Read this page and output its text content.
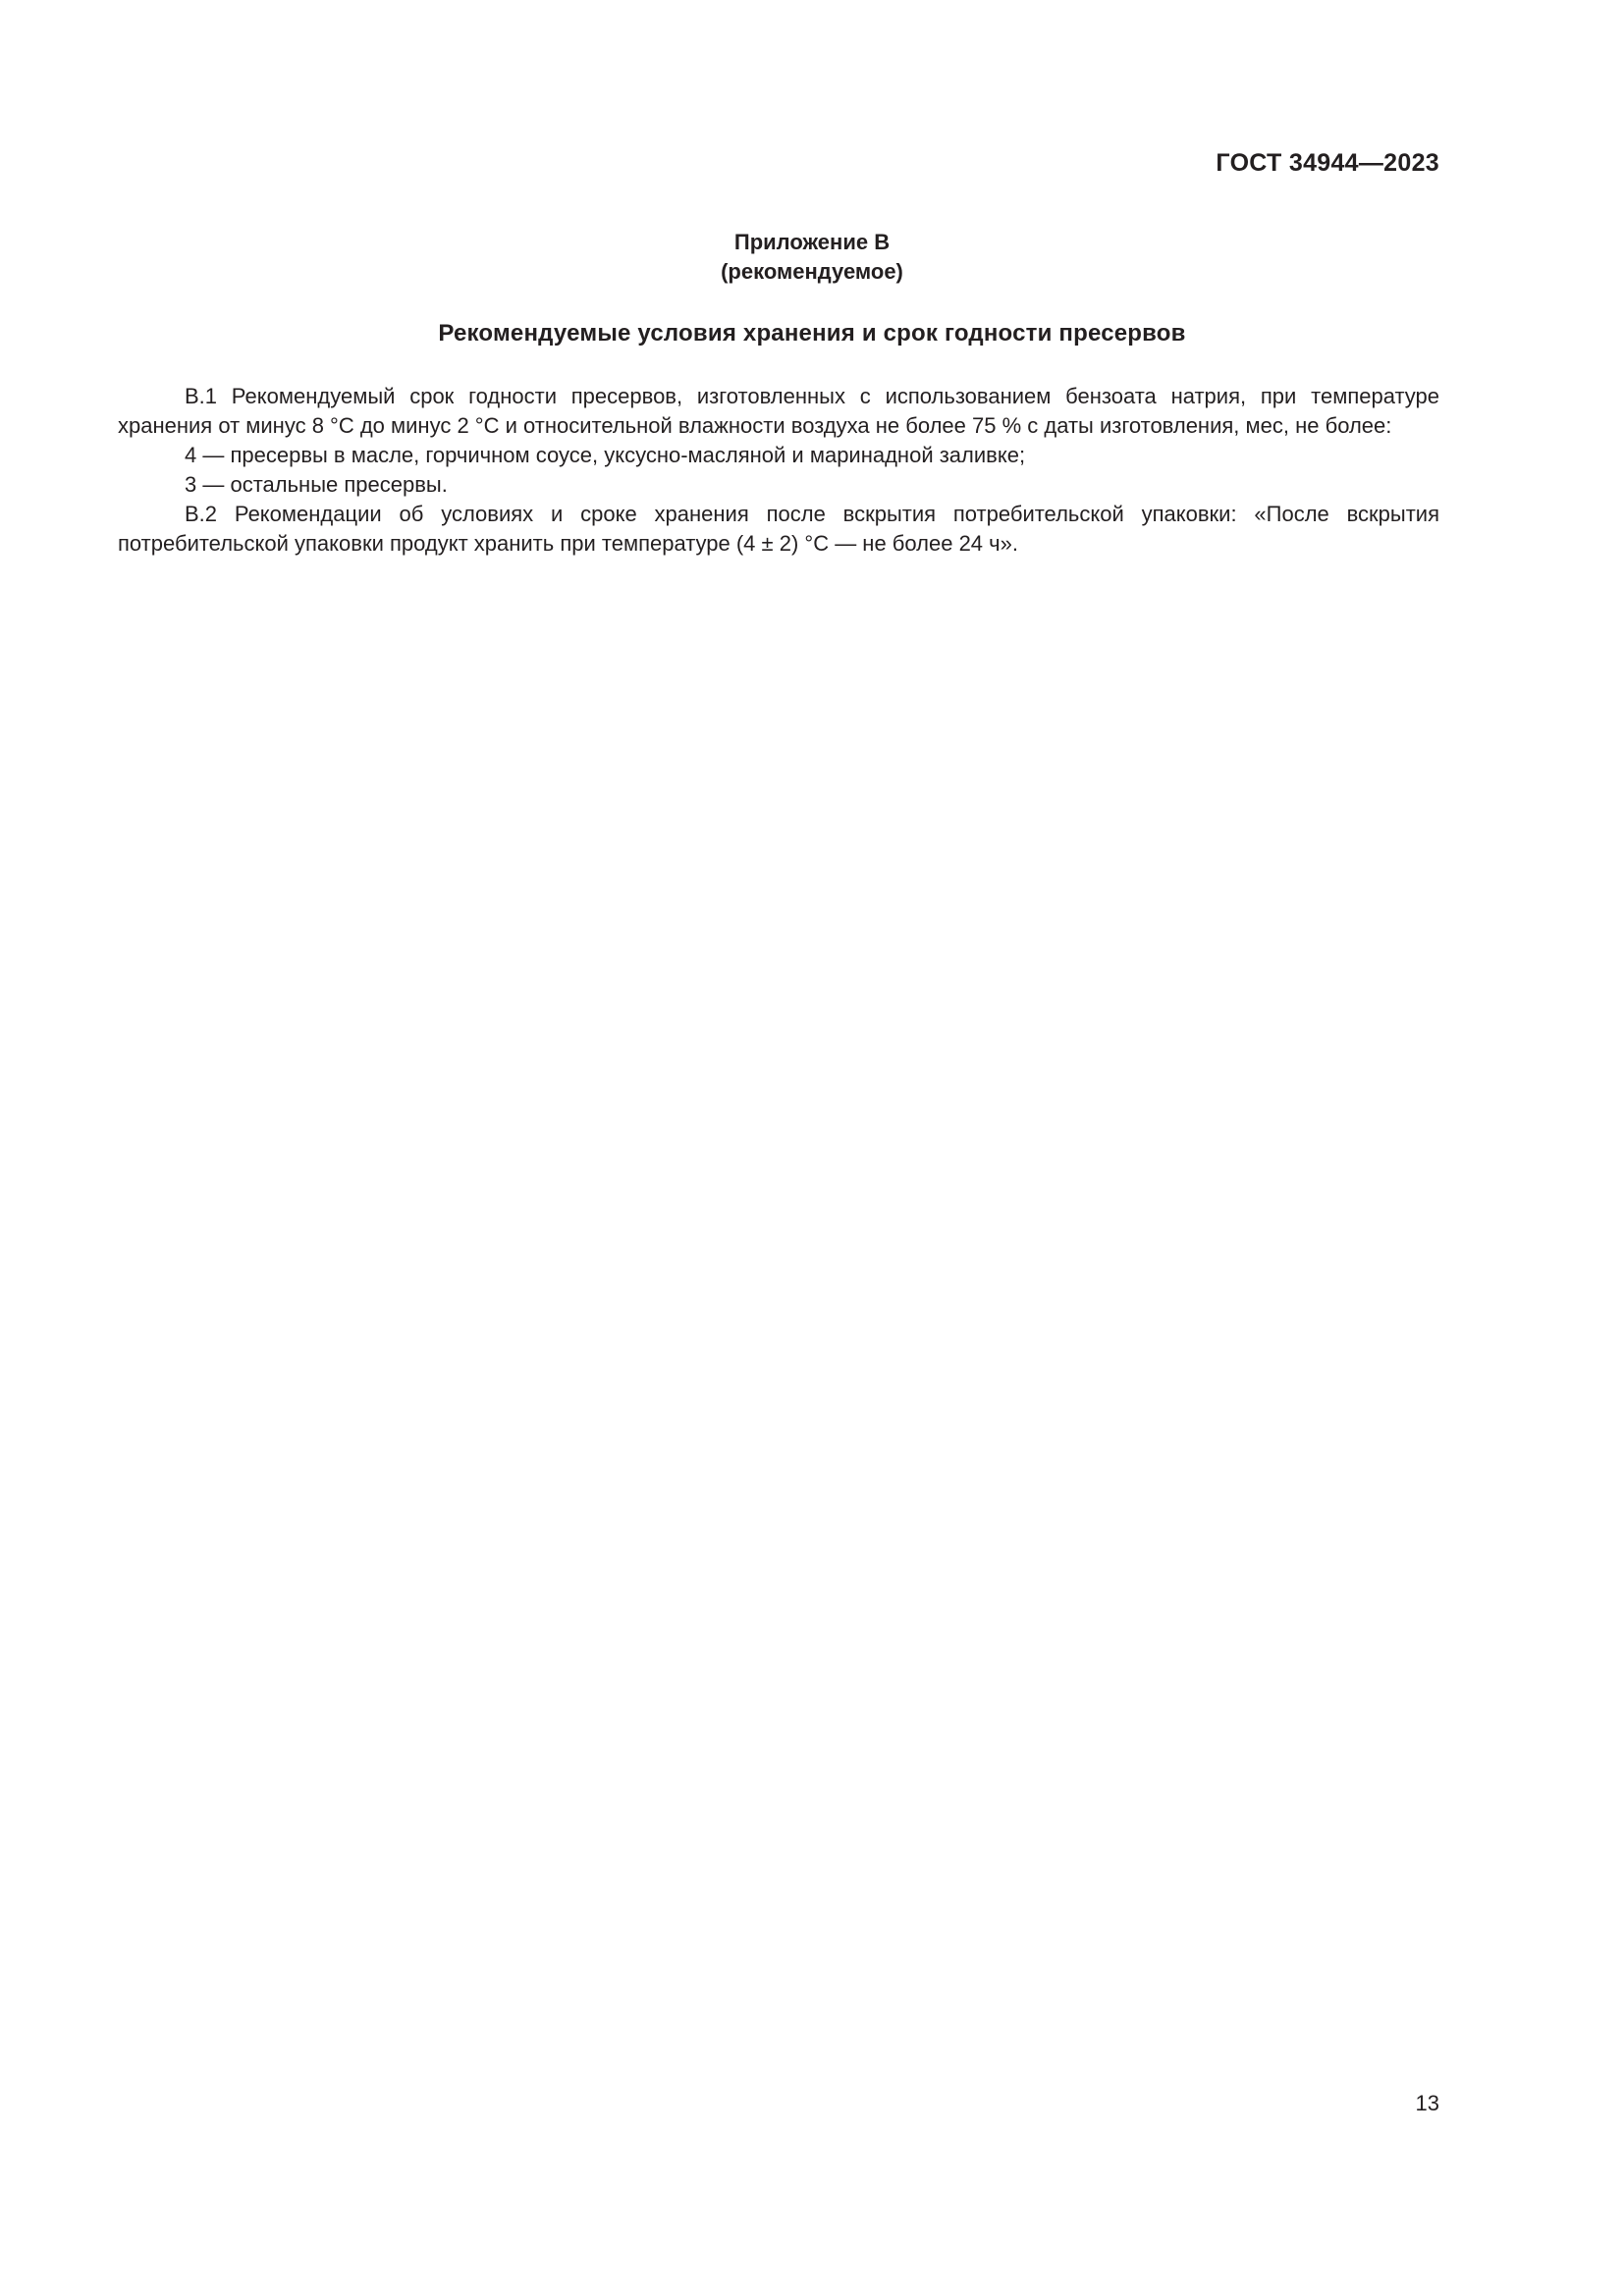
ГОСТ 34944—2023
Приложение В
(рекомендуемое)
Рекомендуемые условия хранения и срок годности пресервов

В.1 Рекомендуемый срок годности пресервов, изготовленных с использованием бензоата натрия, при температуре хранения от минус 8 °С до минус 2 °С и относительной влажности воздуха не более 75 % с даты изготовления, мес, не более:

4 — пресервы в масле, горчичном соусе, уксусно-масляной и маринадной заливке;

3 — остальные пресервы.

В.2 Рекомендации об условиях и сроке хранения после вскрытия потребительской упаковки: «После вскрытия потребительской упаковки продукт хранить при температуре (4 ± 2) °С — не более 24 ч».

13
